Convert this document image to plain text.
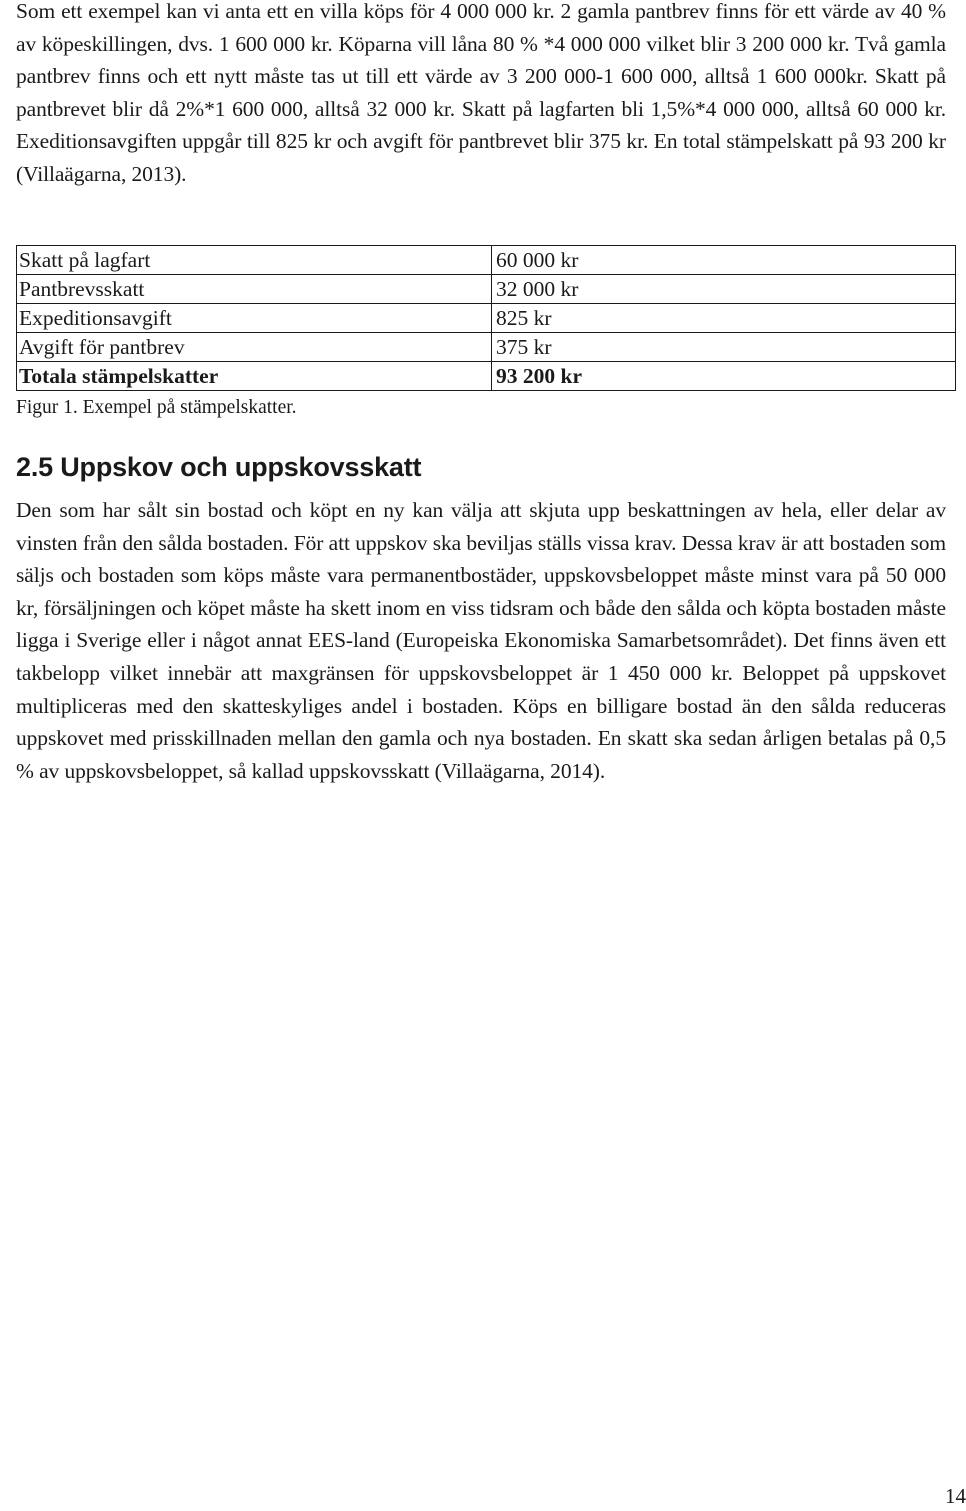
Som ett exempel kan vi anta ett en villa köps för 4 000 000 kr. 2 gamla pantbrev finns för ett värde av 40 % av köpeskillingen, dvs. 1 600 000 kr. Köparna vill låna 80 % *4 000 000 vilket blir 3 200 000 kr. Två gamla pantbrev finns och ett nytt måste tas ut till ett värde av 3 200 000-1 600 000, alltså 1 600 000kr. Skatt på pantbrevet blir då 2%*1 600 000, alltså 32 000 kr. Skatt på lagfarten bli 1,5%*4 000 000, alltså 60 000 kr. Exeditionsavgiften uppgår till 825 kr och avgift för pantbrevet blir 375 kr. En total stämpelskatt på 93 200 kr (Villaägarna, 2013).

Skatt på lagfart	60 000 kr
Pantbrevsskatt	32 000 kr
Expeditionsavgift	825 kr
Avgift för pantbrev	375 kr
Totala stämpelskatter	93 200 kr

Figur 1. Exempel på stämpelskatter.

2.5 Uppskov och uppskovsskatt

Den som har sålt sin bostad och köpt en ny kan välja att skjuta upp beskattningen av hela, eller delar av vinsten från den sålda bostaden. För att uppskov ska beviljas ställs vissa krav. Dessa krav är att bostaden som säljs och bostaden som köps måste vara permanentbostäder, uppskovsbeloppet måste minst vara på 50 000 kr, försäljningen och köpet måste ha skett inom en viss tidsram och både den sålda och köpta bostaden måste ligga i Sverige eller i något annat EES-land (Europeiska Ekonomiska Samarbetsområdet). Det finns även ett takbelopp vilket innebär att maxgränsen för uppskovsbeloppet är 1 450 000 kr. Beloppet på uppskovet multipliceras med den skatteskyliges andel i bostaden. Köps en billigare bostad än den sålda reduceras uppskovet med prisskillnaden mellan den gamla och nya bostaden. En skatt ska sedan årligen betalas på 0,5 % av uppskovsbeloppet, så kallad uppskovsskatt (Villaägarna, 2014).

14
